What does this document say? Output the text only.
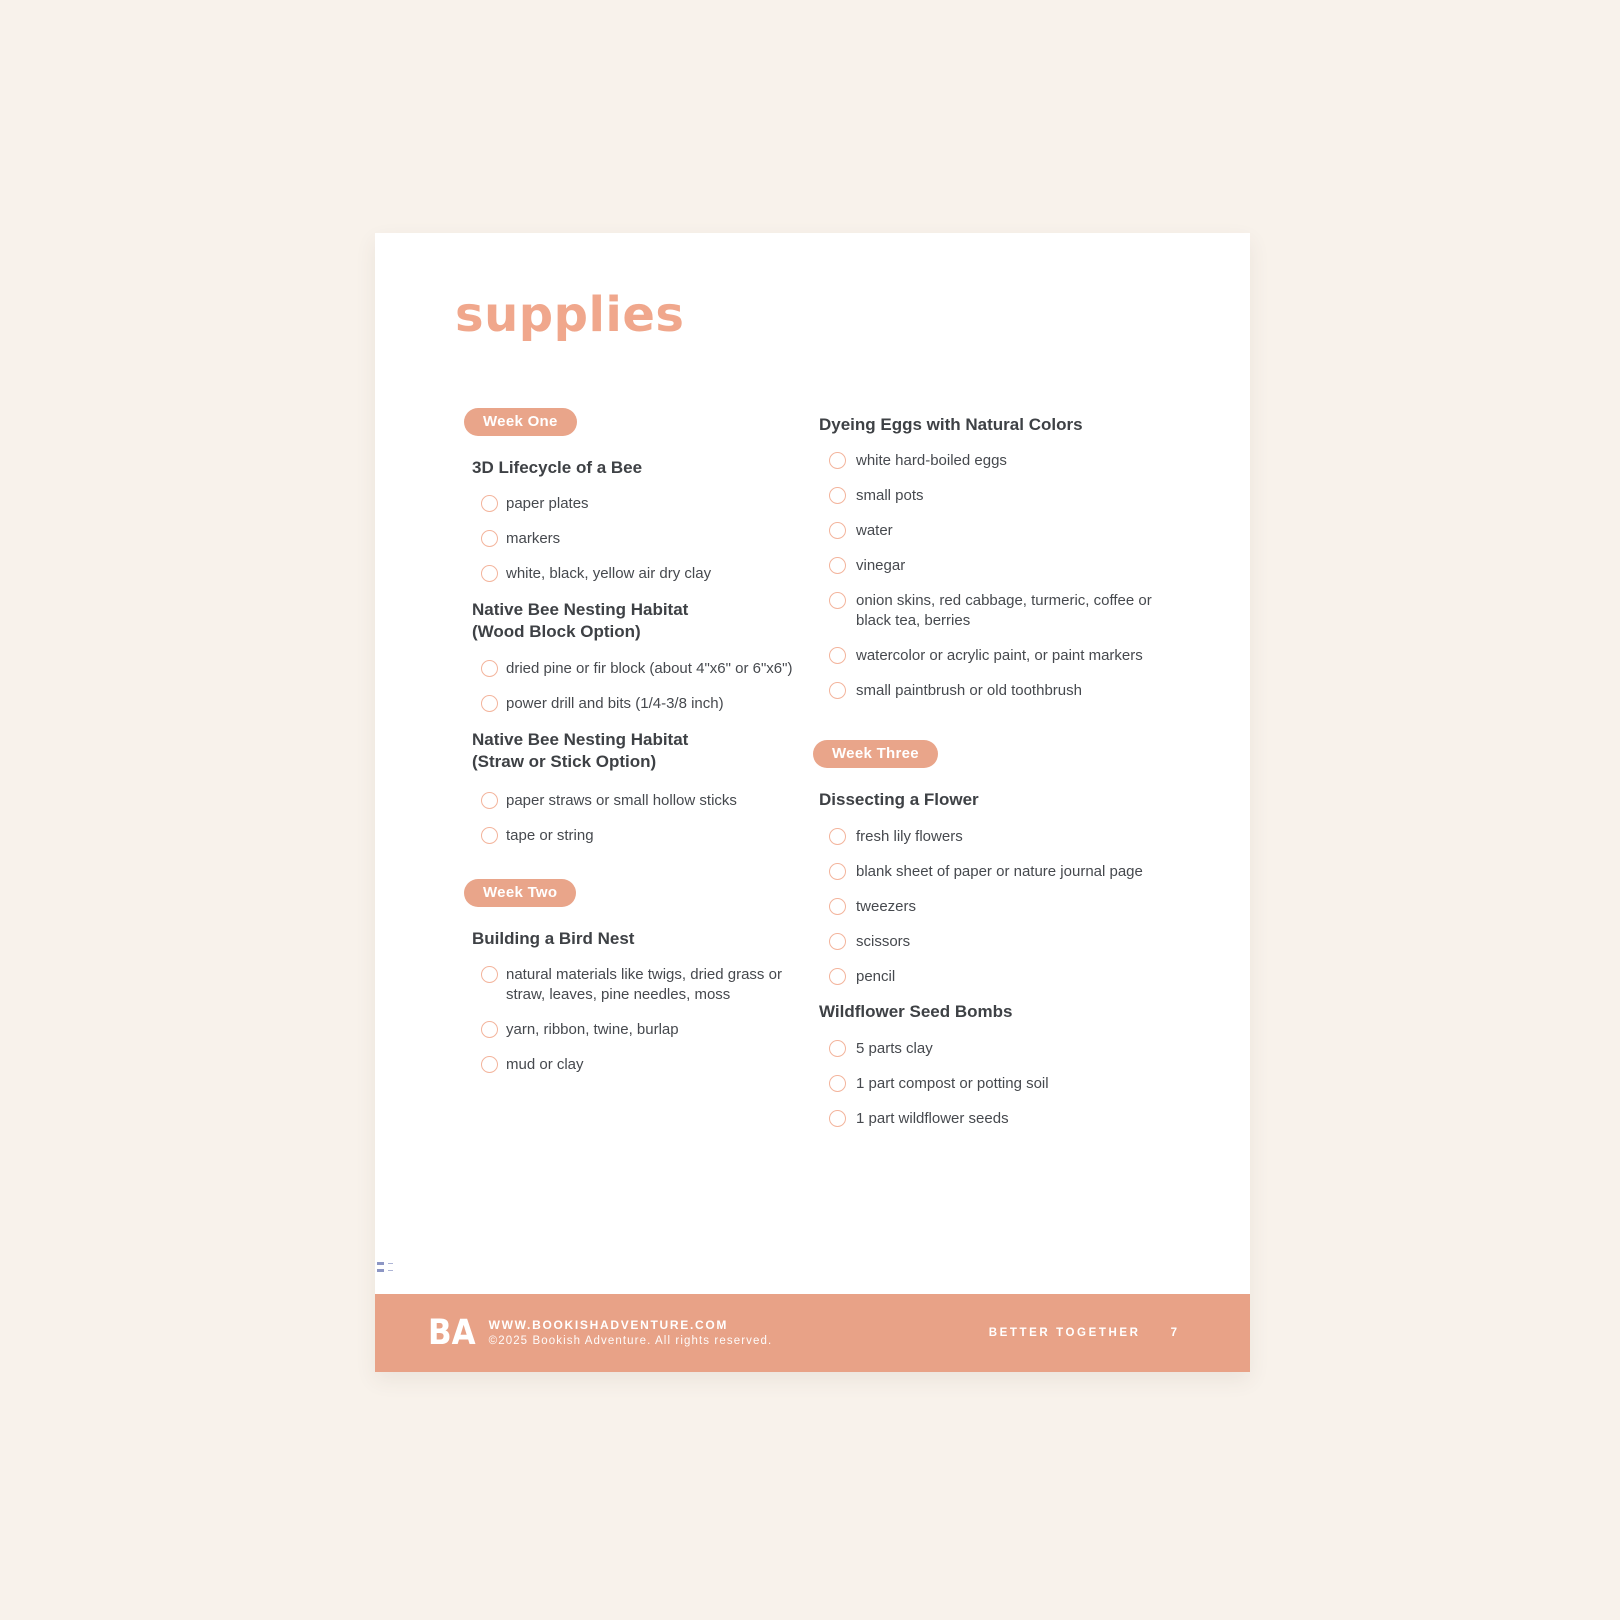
supplies
Week One
3D Lifecycle of a Bee
paper plates
markers
white, black, yellow air dry clay
Native Bee Nesting Habitat
(Wood Block Option)
dried pine or fir block (about 4"x6" or 6"x6")
power drill and bits (1/4-3/8 inch)
Native Bee Nesting Habitat
(Straw or Stick Option)
paper straws or small hollow sticks
tape or string
Week Two
Building a Bird Nest
natural materials like twigs, dried grass or straw, leaves, pine needles, moss
yarn, ribbon, twine, burlap
mud or clay
Dyeing Eggs with Natural Colors
white hard-boiled eggs
small pots
water
vinegar
onion skins, red cabbage, turmeric, coffee or black tea, berries
watercolor or acrylic paint, or paint markers
small paintbrush or old toothbrush
Week Three
Dissecting a Flower
fresh lily flowers
blank sheet of paper or nature journal page
tweezers
scissors
pencil
Wildflower Seed Bombs
5 parts clay
1 part compost or potting soil
1 part wildflower seeds
BA WWW.BOOKISHADVENTURE.COM
©2025 Bookish Adventure. All rights reserved.
BETTER TOGETHER	7
